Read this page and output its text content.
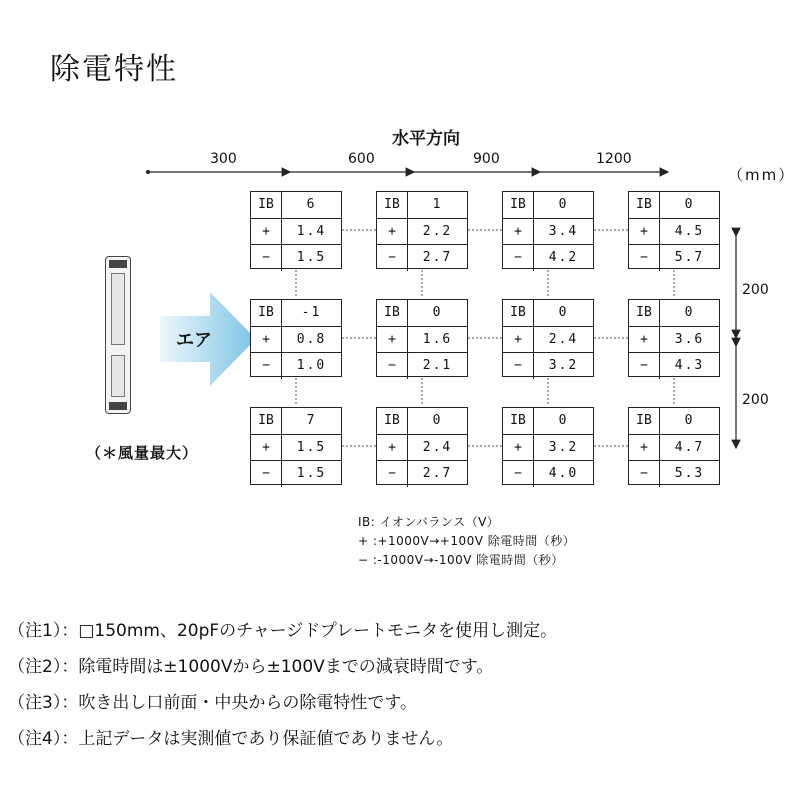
除電特性
水平方向
（mm）
300	600	900	1200
200
200
エア
（＊風量最大）
IB	6
+	1.4
−	1.5
IB	1
+	2.2
−	2.7
IB	0
+	3.4
−	4.2
IB	0
+	4.5
−	5.7
IB	-1
+	0.8
−	1.0
IB	0
+	1.6
−	2.1
IB	0
+	2.4
−	3.2
IB	0
+	3.6
−	4.3
IB	7
+	1.5
−	1.5
IB	0
+	2.4
−	2.7
IB	0
+	3.2
−	4.0
IB	0
+	4.7
−	5.3
IB: イオンバランス（V）
+ :+1000V→+100V 除電時間（秒）
− :-1000V→-100V 除電時間（秒）
（注1）：□150mm、20pFのチャージドプレートモニタを使用し測定。
（注2）：除電時間は±1000Vから±100Vまでの減衰時間です。
（注3）：吹き出し口前面・中央からの除電特性です。
（注4）：上記データは実測値であり保証値でありません。
